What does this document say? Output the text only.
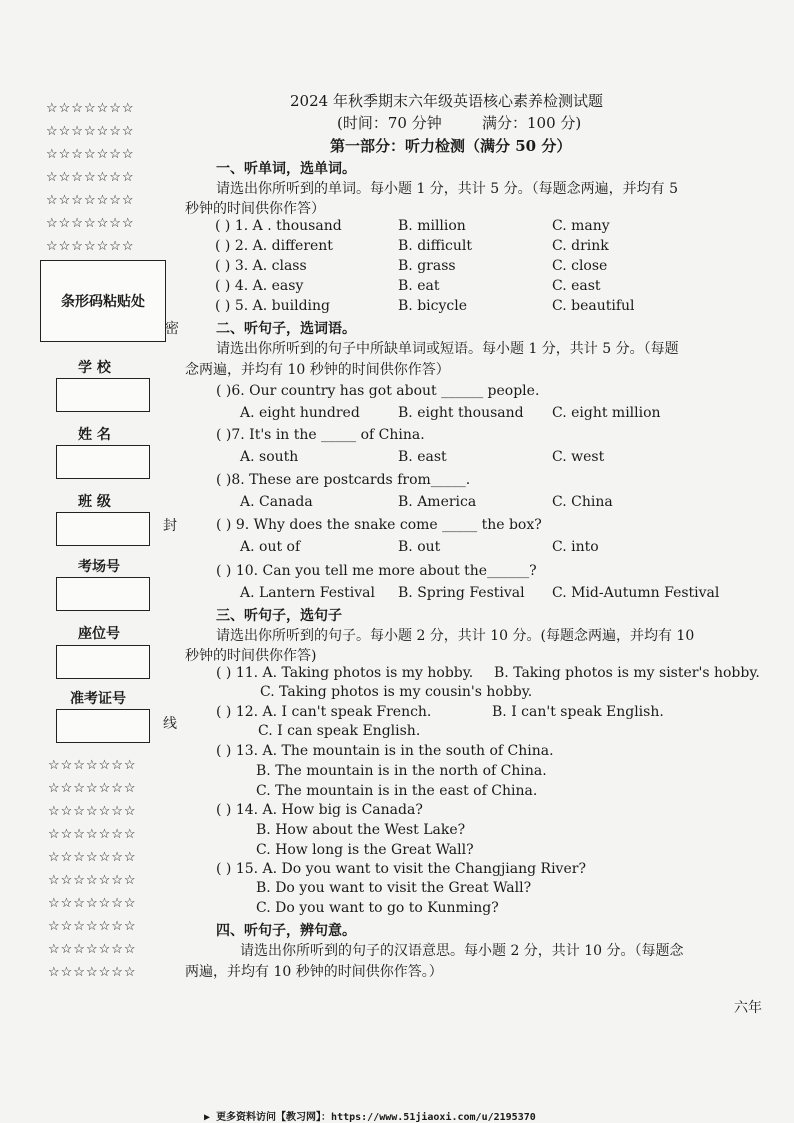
☆☆☆☆☆☆☆
☆☆☆☆☆☆☆
☆☆☆☆☆☆☆
☆☆☆☆☆☆☆
☆☆☆☆☆☆☆
☆☆☆☆☆☆☆
☆☆☆☆☆☆☆
条形码粘贴处
学 校
姓 名
班 级
考场号
座位号
准考证号
☆☆☆☆☆☆☆
☆☆☆☆☆☆☆
☆☆☆☆☆☆☆
☆☆☆☆☆☆☆
☆☆☆☆☆☆☆
☆☆☆☆☆☆☆
☆☆☆☆☆☆☆
☆☆☆☆☆☆☆
☆☆☆☆☆☆☆
☆☆☆☆☆☆☆
密
封
线
2024 年秋季期末六年级英语核心素养检测试题
(时间：70 分钟	满分：100 分)
第一部分：听力检测（满分 50 分）
一、听单词，选单词。
请选出你所听到的单词。每小题 1 分，共计 5 分。（每题念两遍，并均有 5
秒钟的时间供你作答）
( ) 1. A . thousand	B. million	C. many
( ) 2. A. different	B. difficult	C. drink
( ) 3. A. class	B. grass	C. close
( ) 4. A. easy	B. eat	C. east
( ) 5. A. building	B. bicycle	C. beautiful
二、听句子，选词语。
请选出你所听到的句子中所缺单词或短语。每小题 1 分，共计 5 分。（每题
念两遍，并均有 10 秒钟的时间供你作答）
( )6. Our country has got about ______ people.
A. eight hundred	B. eight thousand C. eight million
( )7. It's in the _____ of China.
A. south	B. east	C. west
( )8. These are postcards from_____.
A. Canada	B. America	C. China
( ) 9. Why does the snake come _____ the box?
A. out of	B. out	C. into
( ) 10. Can you tell me more about the______?
A. Lantern Festival B. Spring Festival C. Mid-Autumn Festival
三、听句子，选句子
请选出你所听到的句子。每小题 2 分，共计 10 分。(每题念两遍，并均有 10
秒钟的时间供你作答)
( ) 11. A. Taking photos is my hobby. B. Taking photos is my sister's hobby.
C. Taking photos is my cousin's hobby.
( ) 12. A. I can't speak French.	B. I can't speak English.
C. I can speak English.
( ) 13. A. The mountain is in the south of China.
B. The mountain is in the north of China.
C. The mountain is in the east of China.
( ) 14. A. How big is Canada?
B. How about the West Lake?
C. How long is the Great Wall?
( ) 15. A. Do you want to visit the Changjiang River?
B. Do you want to visit the Great Wall?
C. Do you want to go to Kunming?
四、听句子，辨句意。
请选出你所听到的句子的汉语意思。每小题 2 分，共计 10 分。（每题念
两遍，并均有 10 秒钟的时间供你作答。）
六年
▶ 更多资料访问【教习网】：https://www.51jiaoxi.com/u/2195370
